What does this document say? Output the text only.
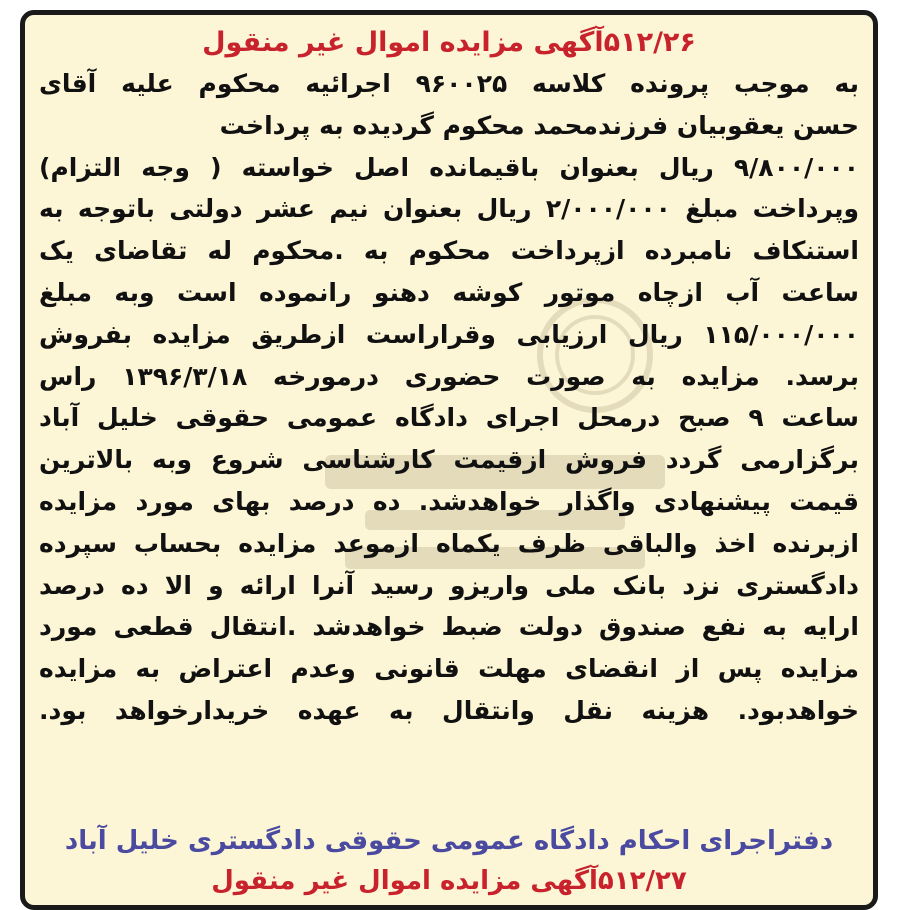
۵۱۲/۲۶آگهی مزایده اموال غیر منقول
به موجب پرونده کلاسه ۹۶۰۰۲۵ اجرائیه محکوم علیه آقای
حسن یعقوبیان فرزندمحمد محکوم گردیده به پرداخت
۹/۸۰۰/۰۰۰ ریال بعنوان باقیمانده اصل خواسته ( وجه التزام)
وپرداخت مبلغ ۲/۰۰۰/۰۰۰ ریال بعنوان نیم عشر دولتی باتوجه به
استنکاف نامبرده ازپرداخت محکوم به .محکوم له تقاضای یک
ساعت آب ازچاه موتور کوشه دهنو رانموده است وبه مبلغ
۱۱۵/۰۰۰/۰۰۰ ریال ارزیابی وقراراست ازطریق مزایده بفروش
برسد. مزایده به صورت حضوری درمورخه ۱۳۹۶/۳/۱۸ راس
ساعت ۹ صبح درمحل اجرای دادگاه عمومی حقوقی خلیل آباد
برگزارمی گردد فروش ازقیمت کارشناسی شروع وبه بالاترین
قیمت پیشنهادی واگذار خواهدشد. ده درصد بهای مورد مزایده
ازبرنده اخذ والباقی ظرف یکماه ازموعد مزایده بحساب سپرده
دادگستری نزد بانک ملی واریزو رسید آنرا ارائه و الا ده درصد
ارایه به نفع صندوق دولت ضبط خواهدشد .انتقال قطعی مورد
مزایده پس از انقضای مهلت قانونی وعدم اعتراض به مزایده
خواهدبود. هزینه نقل وانتقال به عهده خریدارخواهد بود.
دفتراجرای احکام دادگاه عمومی حقوقی دادگستری خلیل آباد
۵۱۲/۲۷آگهی مزایده اموال غیر منقول
